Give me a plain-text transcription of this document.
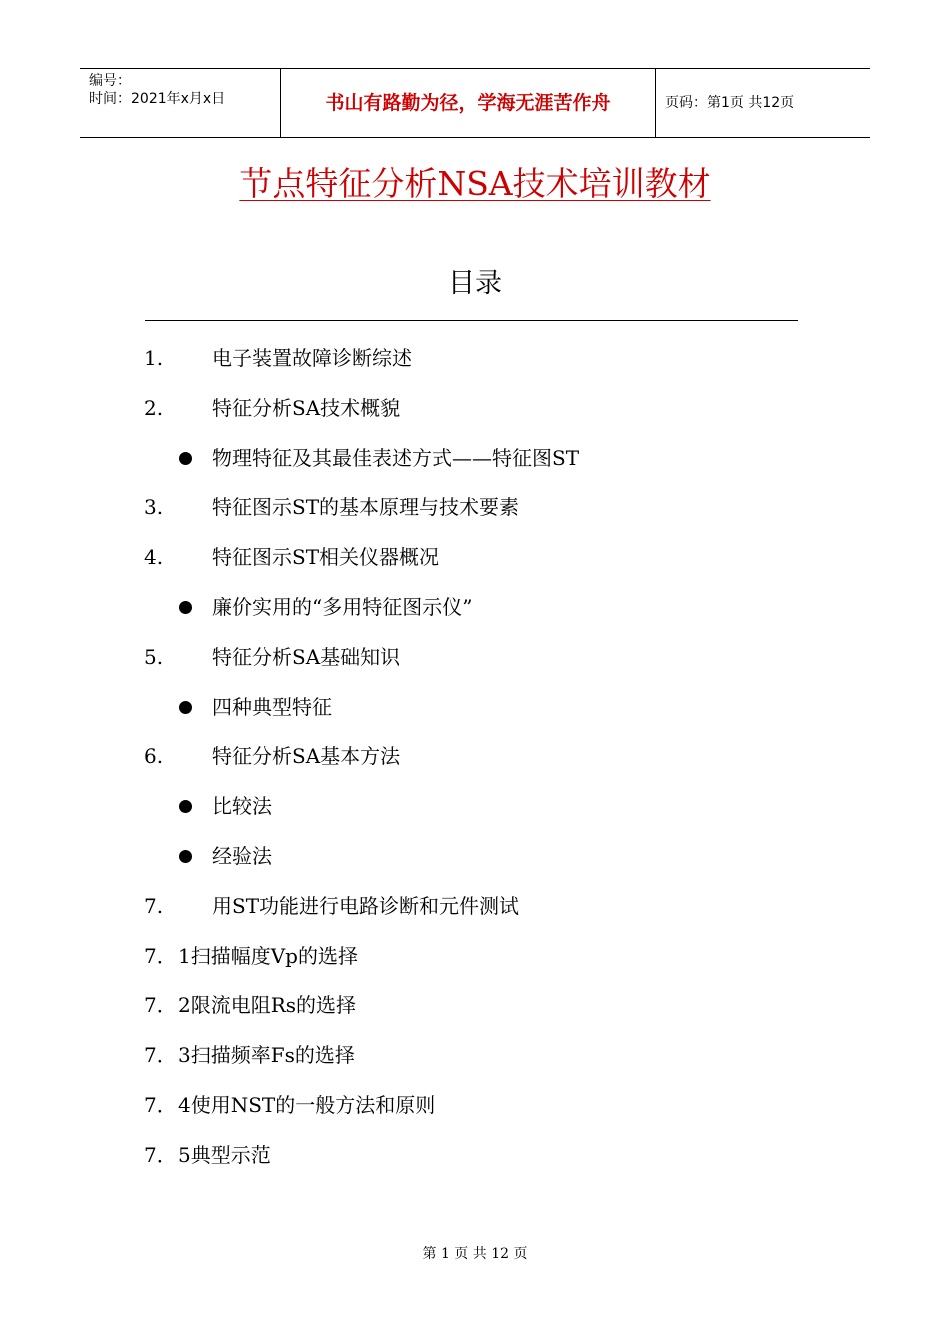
编号：
时间：2021年x月x日	书山有路勤为径，学海无涯苦作舟	页码：第1页 共12页
节点特征分析NSA技术培训教材
目录
1. 电子装置故障诊断综述
2. 特征分析SA技术概貌
物理特征及其最佳表述方式——特征图ST
3. 特征图示ST的基本原理与技术要素
4. 特征图示ST相关仪器概况
廉价实用的“多用特征图示仪”
5. 特征分析SA基础知识
四种典型特征
6. 特征分析SA基本方法
比较法
经验法
7. 用ST功能进行电路诊断和元件测试
7． 1扫描幅度Vp的选择
7． 2限流电阻Rs的选择
7． 3扫描频率Fs的选择
7． 4使用NST的一般方法和原则
7． 5典型示范
第 1 页 共 12 页
